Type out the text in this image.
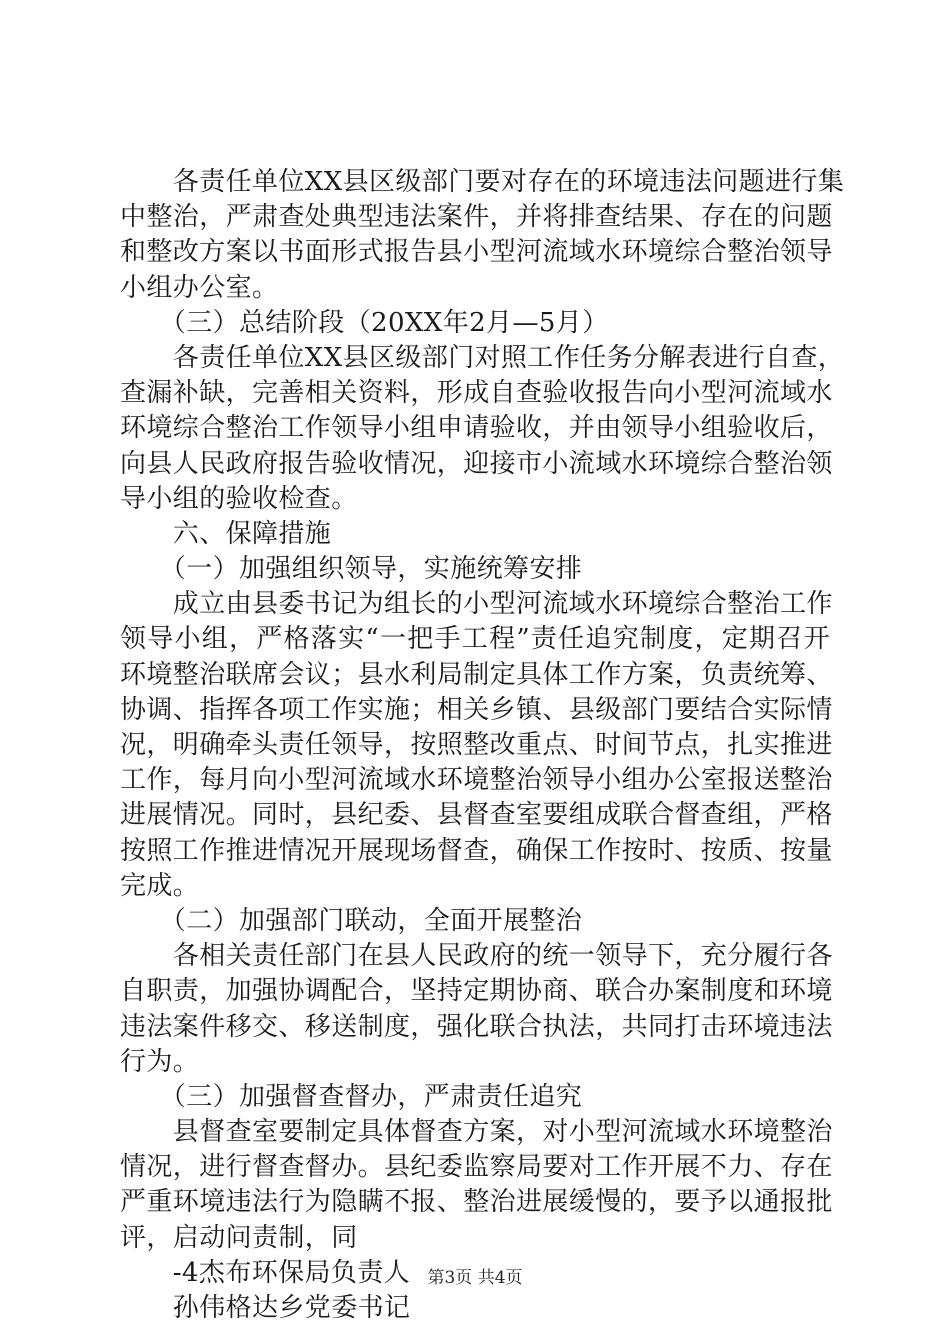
　　各责任单位XX县区级部门要对存在的环境违法问题进行集
中整治，严肃查处典型违法案件，并将排查结果、存在的问题
和整改方案以书面形式报告县小型河流域水环境综合整治领导
小组办公室。
　　（三）总结阶段（20XX年2月—5月）
　　各责任单位XX县区级部门对照工作任务分解表进行自查，
查漏补缺，完善相关资料，形成自查验收报告向小型河流域水
环境综合整治工作领导小组申请验收，并由领导小组验收后，
向县人民政府报告验收情况，迎接市小流域水环境综合整治领
导小组的验收检查。
　　六、保障措施
　　（一）加强组织领导，实施统筹安排
　　成立由县委书记为组长的小型河流域水环境综合整治工作
领导小组，严格落实“一把手工程”责任追究制度，定期召开
环境整治联席会议；县水利局制定具体工作方案，负责统筹、
协调、指挥各项工作实施；相关乡镇、县级部门要结合实际情
况，明确牵头责任领导，按照整改重点、时间节点，扎实推进
工作，每月向小型河流域水环境整治领导小组办公室报送整治
进展情况。同时，县纪委、县督查室要组成联合督查组，严格
按照工作推进情况开展现场督查，确保工作按时、按质、按量
完成。
　　（二）加强部门联动，全面开展整治
　　各相关责任部门在县人民政府的统一领导下，充分履行各
自职责，加强协调配合，坚持定期协商、联合办案制度和环境
违法案件移交、移送制度，强化联合执法，共同打击环境违法
行为。
　　（三）加强督查督办，严肃责任追究
　　县督查室要制定具体督查方案，对小型河流域水环境整治
情况，进行督查督办。县纪委监察局要对工作开展不力、存在
严重环境违法行为隐瞒不报、整治进展缓慢的，要予以通报批
评，启动问责制，同
　　-4杰布环保局负责人
　　孙伟格达乡党委书记
第3页 共4页
